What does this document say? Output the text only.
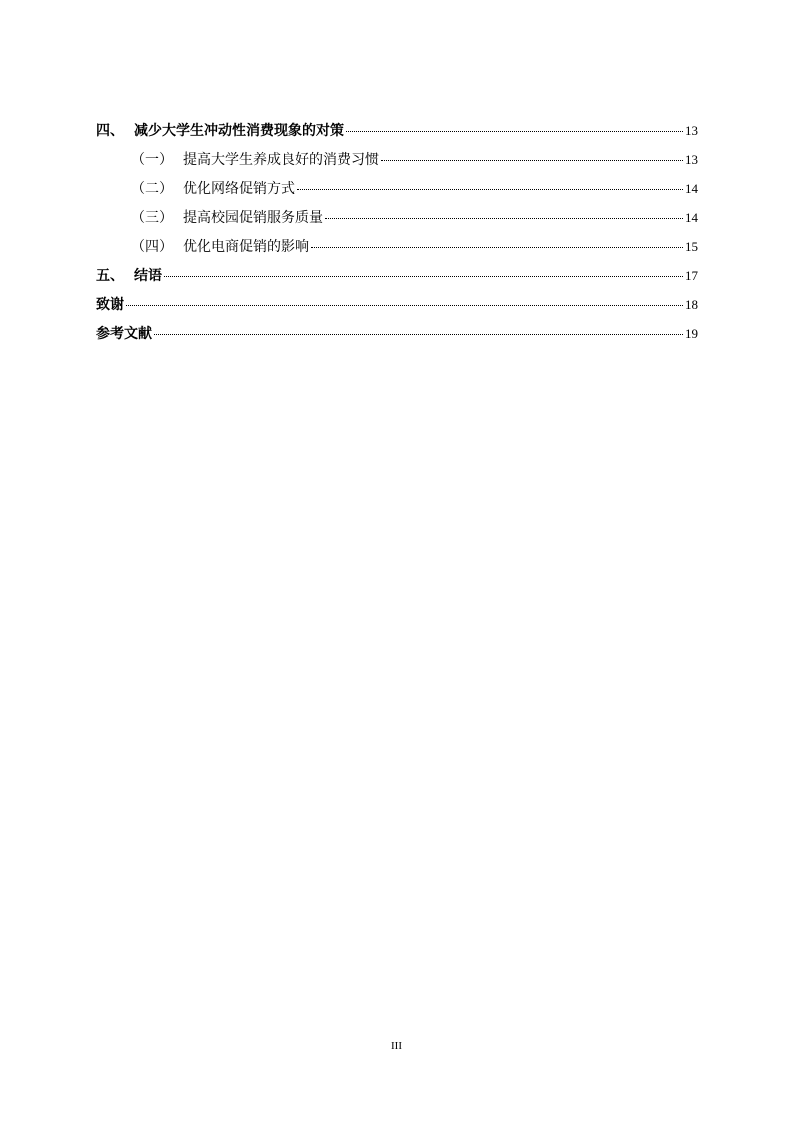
四、 减少大学生冲动性消费现象的对策	13
（一） 提高大学生养成良好的消费习惯	13
（二） 优化网络促销方式	14
（三） 提高校园促销服务质量	14
（四） 优化电商促销的影响	15
五、 结语	17
致谢	18
参考文献	19
III
